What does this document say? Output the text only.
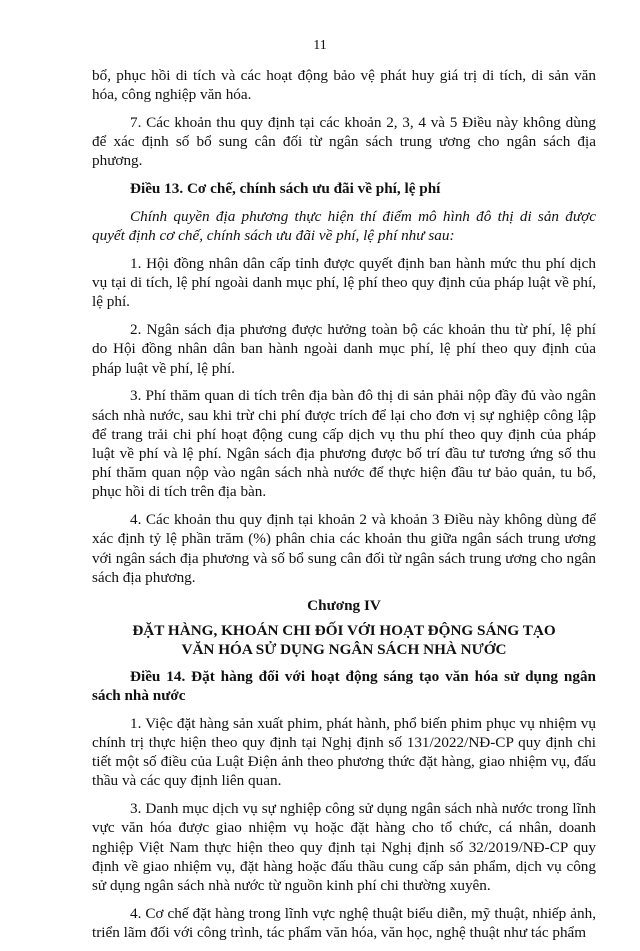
11

bổ, phục hồi di tích và các hoạt động bảo vệ phát huy giá trị di tích, di sản văn hóa, công nghiệp văn hóa.

7. Các khoản thu quy định tại các khoản 2, 3, 4 và 5 Điều này không dùng để xác định số bổ sung cân đối từ ngân sách trung ương cho ngân sách địa phương.

Điều 13. Cơ chế, chính sách ưu đãi về phí, lệ phí

Chính quyền địa phương thực hiện thí điểm mô hình đô thị di sản được quyết định cơ chế, chính sách ưu đãi về phí, lệ phí như sau:

1. Hội đồng nhân dân cấp tỉnh được quyết định ban hành mức thu phí dịch vụ tại di tích, lệ phí ngoài danh mục phí, lệ phí theo quy định của pháp luật về phí, lệ phí.

2. Ngân sách địa phương được hưởng toàn bộ các khoản thu từ phí, lệ phí do Hội đồng nhân dân ban hành ngoài danh mục phí, lệ phí theo quy định của pháp luật về phí, lệ phí.

3. Phí thăm quan di tích trên địa bàn đô thị di sản phải nộp đầy đủ vào ngân sách nhà nước, sau khi trừ chi phí được trích để lại cho đơn vị sự nghiệp công lập để trang trải chi phí hoạt động cung cấp dịch vụ thu phí theo quy định của pháp luật về phí và lệ phí. Ngân sách địa phương được bố trí đầu tư tương ứng số thu phí thăm quan nộp vào ngân sách nhà nước để thực hiện đầu tư bảo quản, tu bổ, phục hồi di tích trên địa bàn.

4. Các khoản thu quy định tại khoản 2 và khoản 3 Điều này không dùng để xác định tỷ lệ phần trăm (%) phân chia các khoản thu giữa ngân sách trung ương với ngân sách địa phương và số bổ sung cân đối từ ngân sách trung ương cho ngân sách địa phương.

Chương IV
ĐẶT HÀNG, KHOÁN CHI ĐỐI VỚI HOẠT ĐỘNG SÁNG TẠO
VĂN HÓA SỬ DỤNG NGÂN SÁCH NHÀ NƯỚC
Điều 14. Đặt hàng đối với hoạt động sáng tạo văn hóa sử dụng ngân sách nhà nước

1. Việc đặt hàng sản xuất phim, phát hành, phổ biến phim phục vụ nhiệm vụ chính trị thực hiện theo quy định tại Nghị định số 131/2022/NĐ-CP quy định chi tiết một số điều của Luật Điện ảnh theo phương thức đặt hàng, giao nhiệm vụ, đấu thầu và các quy định liên quan.

3. Danh mục dịch vụ sự nghiệp công sử dụng ngân sách nhà nước trong lĩnh vực văn hóa được giao nhiệm vụ hoặc đặt hàng cho tổ chức, cá nhân, doanh nghiệp Việt Nam thực hiện theo quy định tại Nghị định số 32/2019/NĐ-CP quy định về giao nhiệm vụ, đặt hàng hoặc đấu thầu cung cấp sản phẩm, dịch vụ công sử dụng ngân sách nhà nước từ nguồn kinh phí chi thường xuyên.

4. Cơ chế đặt hàng trong lĩnh vực nghệ thuật biểu diễn, mỹ thuật, nhiếp ảnh, triển lãm đối với công trình, tác phẩm văn hóa, văn học, nghệ thuật như tác phẩm
